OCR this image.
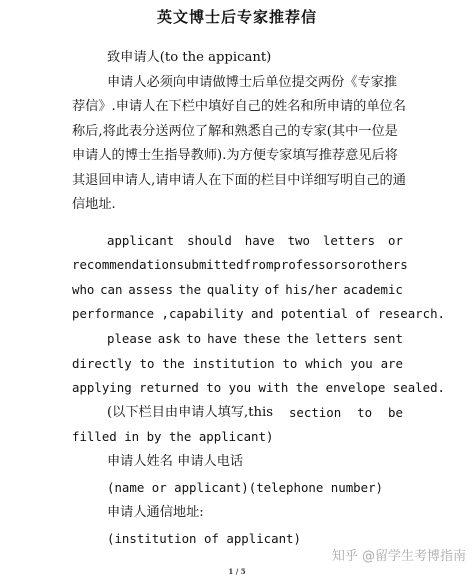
英文博士后专家推荐信
致申请人(to the appicant)
申请人必须向申请做博士后单位提交两份《专家推
荐信》.申请人在下栏中填好自己的姓名和所申请的单位名
称后,将此表分送两位了解和熟悉自己的专家(其中一位是
申请人的博士生指导教师).为方便专家填写推荐意见后将
其退回申请人,请申请人在下面的栏目中详细写明自己的通
信地址.
applicant should have two letters or
recommendation submitted from professors or others
who can assess the quality of his/her academic
performance ,capability and potential of research.
please ask to have these the letters sent
directly to the institution to which you are
applying returned to you with the envelope sealed.
(以下栏目由申请人填写,this section to be
filled in by the applicant)
申请人姓名 申请人电话
(name or applicant)(telephone number)
申请人通信地址:
(institution of applicant)
知乎 @留学生考博指南
1 / 5
